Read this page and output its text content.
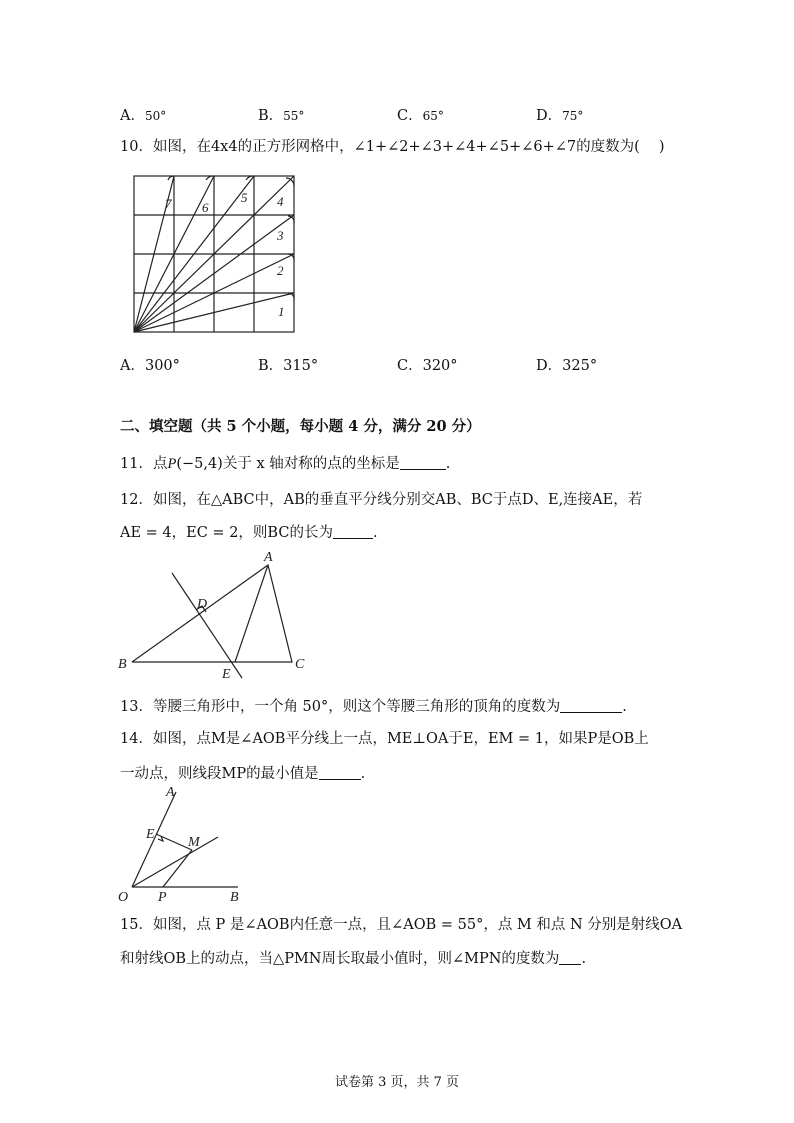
A．50°	B．55°	C．65°	D．75°
10．如图，在4x4的正方形网格中，∠1+∠2+∠3+∠4+∠5+∠6+∠7的度数为(　 )
1
2
3
4
5
6
7
A．300°	B．315°	C．320°	D．325°
二、填空题（共 5 个小题，每小题 4 分，满分 20 分）
11．点P(−5,4)关于 x 轴对称的点的坐标是	.
12．如图，在△ABC中，AB的垂直平分线分别交AB、BC于点D、E,连接AE，若
AE = 4，EC = 2，则BC的长为	.
A
B	C
D
E
13．等腰三角形中，一个角 50°，则这个等腰三角形的顶角的度数为	.
14．如图，点M是∠AOB平分线上一点，ME⊥OA于E，EM = 1，如果P是OB上
一动点，则线段MP的最小值是	.
A
E
M
O P	B
15．如图，点 P 是∠AOB内任意一点，且∠AOB = 55°，点 M 和点 N 分别是射线OA
和射线OB上的动点，当△PMN周长取最小值时，则∠MPN的度数为 .
试卷第 3 页，共 7 页
